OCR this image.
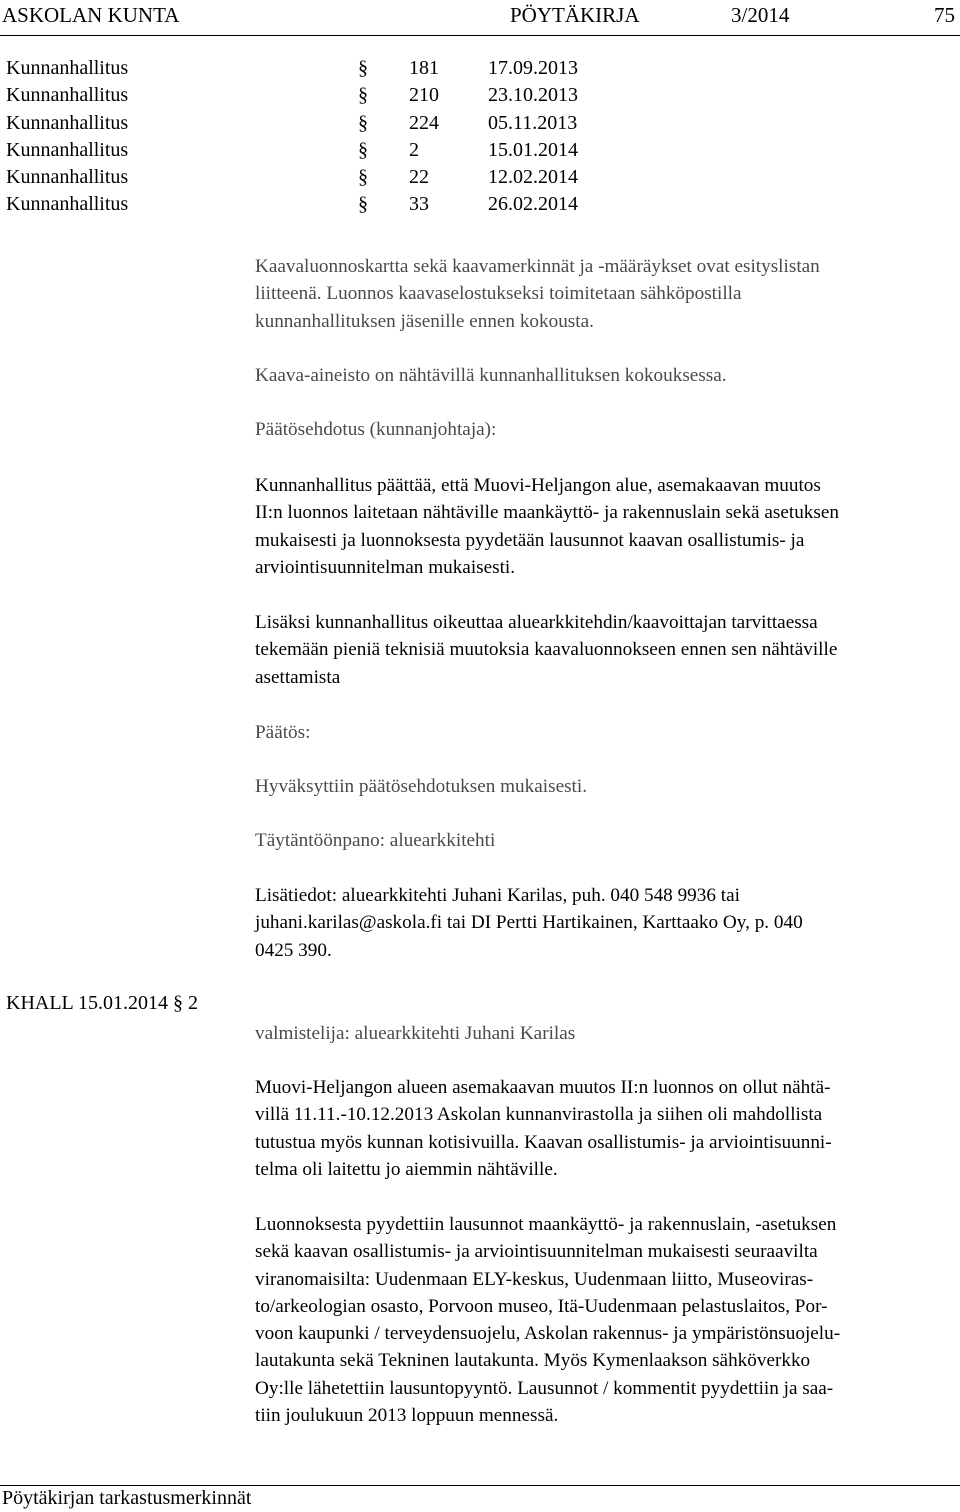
ASKOLAN KUNTA	PÖYTÄKIRJA	3/2014	75
Kunnanhallitus	§ 181 17.09.2013
Kunnanhallitus	§ 210 23.10.2013
Kunnanhallitus	§ 224 05.11.2013
Kunnanhallitus	§ 2	15.01.2014
Kunnanhallitus	§ 22	12.02.2014
Kunnanhallitus	§ 33	26.02.2014
Kaavaluonnoskartta sekä kaavamerkinnät ja -määräykset ovat esityslistan
liitteenä. Luonnos kaavaselostukseksi toimitetaan sähköpostilla
kunnanhallituksen jäsenille ennen kokousta.
Kaava-aineisto on nähtävillä kunnanhallituksen kokouksessa.
Päätösehdotus (kunnanjohtaja):
Kunnanhallitus päättää, että Muovi-Heljangon alue, asemakaavan muutos
II:n luonnos laitetaan nähtäville maankäyttö- ja rakennuslain sekä asetuksen
mukaisesti ja luonnoksesta pyydetään lausunnot kaavan osallistumis- ja
arviointisuunnitelman mukaisesti.
Lisäksi kunnanhallitus oikeuttaa aluearkkitehdin/kaavoittajan tarvittaessa
tekemään pieniä teknisiä muutoksia kaavaluonnokseen ennen sen nähtäville
asettamista
Päätös:
Hyväksyttiin päätösehdotuksen mukaisesti.
Täytäntöönpano: aluearkkitehti
Lisätiedot: aluearkkitehti Juhani Karilas, puh. 040 548 9936 tai
juhani.karilas@askola.fi tai DI Pertti Hartikainen, Karttaako Oy, p. 040
0425 390.
KHALL 15.01.2014 § 2
valmistelija: aluearkkitehti Juhani Karilas
Muovi-Heljangon alueen asemakaavan muutos II:n luonnos on ollut nähtä-
villä 11.11.-10.12.2013 Askolan kunnanvirastolla ja siihen oli mahdollista
tutustua myös kunnan kotisivuilla. Kaavan osallistumis- ja arviointisuunni-
telma oli laitettu jo aiemmin nähtäville.
Luonnoksesta pyydettiin lausunnot maankäyttö- ja rakennuslain, -asetuksen
sekä kaavan osallistumis- ja arviointisuunnitelman mukaisesti seuraavilta
viranomaisilta: Uudenmaan ELY-keskus, Uudenmaan liitto, Museoviras-
to/arkeologian osasto, Porvoon museo, Itä-Uudenmaan pelastuslaitos, Por-
voon kaupunki / terveydensuojelu, Askolan rakennus- ja ympäristönsuojelu-
lautakunta sekä Tekninen lautakunta. Myös Kymenlaakson sähköverkko
Oy:lle lähetettiin lausuntopyyntö. Lausunnot / kommentit pyydettiin ja saa-
tiin joulukuun 2013 loppuun mennessä.
Pöytäkirjan tarkastusmerkinnät
